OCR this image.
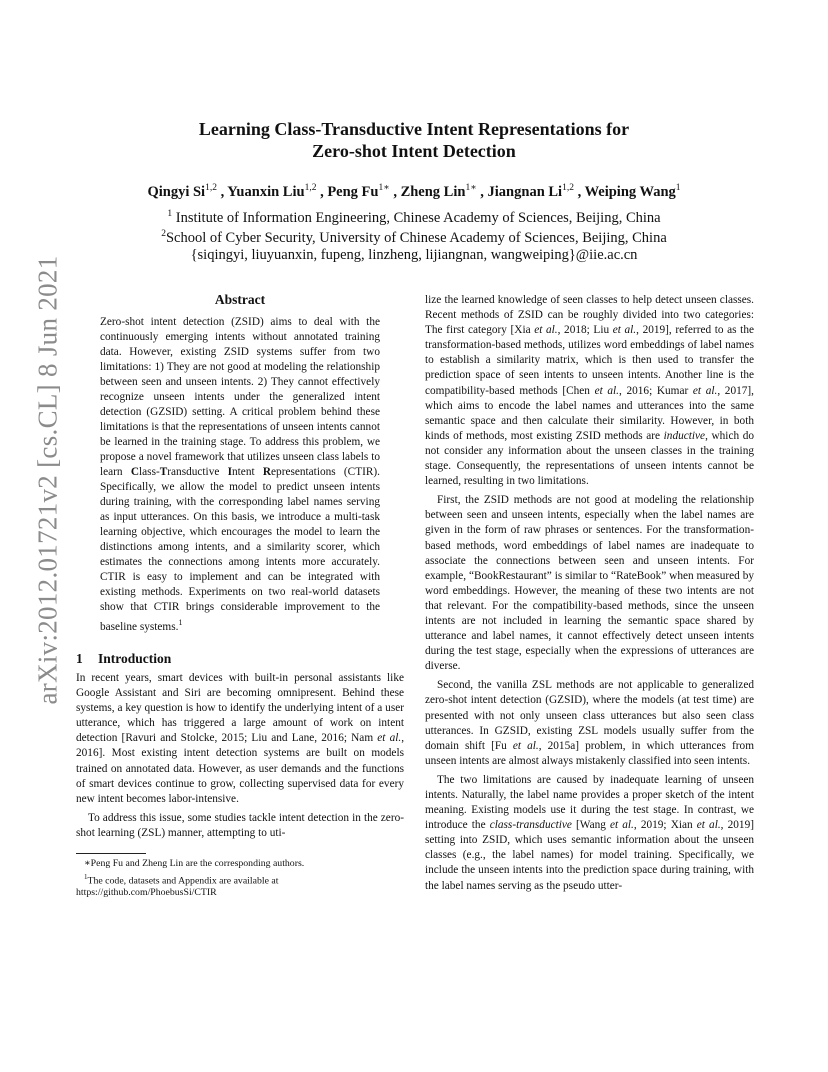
Learning Class-Transductive Intent Representations for
Zero-shot Intent Detection
Qingyi Si$^{1,2}$ , Yuanxin Liu$^{1,2}$ , Peng $Fu^{1∗}$ , Zheng Lin$^{1∗}$ , Jiangnan Li$^{1,2}$ , Weiping Wang$^1$
$^1$ Institute of Information Engineering, Chinese Academy of Sciences, Beijing, China
$^2$School of Cyber Security, University of Chinese Academy of Sciences, Beijing, China
{siqingyi, liuyuanxin, fupeng, linzheng, lijiangnan, wangweiping}@iie.ac.cn
arXiv:2012.01721v2 [cs.CL] 8 Jun 2021	Abstract

Zero-shot intent detection (ZSID) aims to deal with the continuously emerging intents without annotated training data. However, existing ZSID systems suffer from two limitations: 1) They are not good at modeling the relationship between seen and unseen intents. 2) They cannot effectively recognize unseen intents under the generalized intent detection (GZSID) setting. A critical problem behind these limitations is that the representations of unseen intents cannot be learned in the training stage. To address this problem, we propose a novel framework that utilizes unseen class labels to learn Class-Transductive Intent Representations (CTIR). Specifically, we allow the model to predict unseen intents during training, with the corresponding label names serving as input utterances. On this basis, we introduce a multi-task learning objective, which encourages the model to learn the distinctions among intents, and a similarity scorer, which estimates the connections among intents more accurately. CTIR is easy to implement and can be integrated with existing methods. Experiments on two real-world datasets show that CTIR brings considerable improvement to the baseline systems.$^1$

1 Introduction

In recent years, smart devices with built-in personal assistants like Google Assistant and Siri are becoming omnipresent. Behind these systems, a key question is how to identify the underlying intent of a user utterance, which has triggered a large amount of work on intent detection [Ravuri and Stolcke, 2015; Liu and Lane, 2016; Nam et al., 2016]. Most existing intent detection systems are built on models trained on annotated data. However, as user demands and the functions of smart devices continue to grow, collecting supervised data for every new intent becomes labor-intensive.

To address this issue, some studies tackle intent detection in the zero-shot learning (ZSL) manner, attempting to uti-

∗Peng Fu and Zheng Lin are the corresponding authors.

$^1$The code, datasets and Appendix are available at https://github.com/PhoebusSi/CTIR

lize the learned knowledge of seen classes to help detect unseen classes. Recent methods of ZSID can be roughly divided into two categories: The first category [Xia et al., 2018; Liu et al., 2019], referred to as the transformation-based methods, utilizes word embeddings of label names to establish a similarity matrix, which is then used to transfer the prediction space of seen intents to unseen intents. Another line is the compatibility-based methods [Chen et al., 2016; Kumar et al., 2017], which aims to encode the label names and utterances into the same semantic space and then calculate their similarity. However, in both kinds of methods, most existing ZSID methods are inductive, which do not consider any information about the unseen classes in the training stage. Consequently, the representations of unseen intents cannot be learned, resulting in two limitations.

First, the ZSID methods are not good at modeling the relationship between seen and unseen intents, especially when the label names are given in the form of raw phrases or sentences. For the transformation-based methods, word embeddings of label names are inadequate to associate the connections between seen and unseen intents. For example, “BookRestaurant” is similar to “RateBook” when measured by word embeddings. However, the meaning of these two intents are not that relevant. For the compatibility-based methods, since the unseen intents are not included in learning the semantic space shared by utterance and label names, it cannot effectively detect unseen intents during the test stage, especially when the expressions of utterances are diverse.

Second, the vanilla ZSL methods are not applicable to generalized zero-shot intent detection (GZSID), where the models (at test time) are presented with not only unseen class utterances but also seen class utterances. In GZSID, existing ZSL models usually suffer from the domain shift [Fu et al., 2015a] problem, in which utterances from unseen intents are almost always mistakenly classified into seen intents.

The two limitations are caused by inadequate learning of unseen intents. Naturally, the label name provides a proper sketch of the intent meaning. Existing models use it during the test stage. In contrast, we introduce the class-transductive [Wang et al., 2019; Xian et al., 2019] setting into ZSID, which uses semantic information about the unseen classes (e.g., the label names) for model training. Specifically, we include the unseen intents into the prediction space during training, with the label names serving as the pseudo utter-
